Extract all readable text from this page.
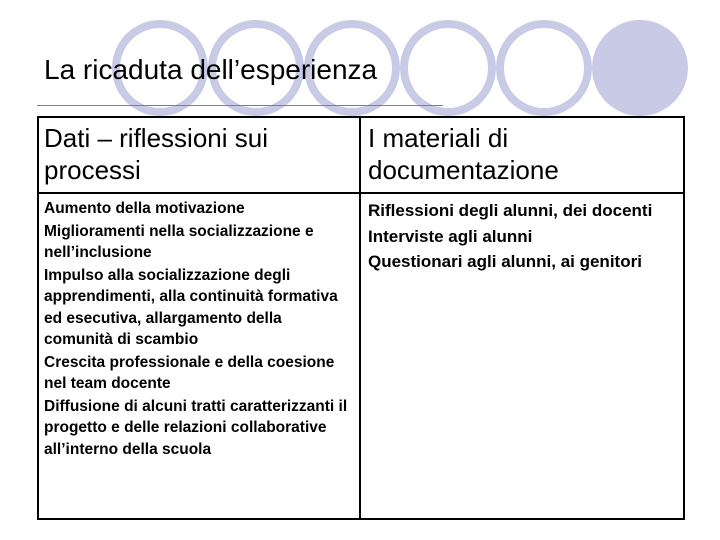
La ricaduta dell’esperienza
Dati – riflessioni sui processi
I materiali di documentazione

Aumento della motivazione

Miglioramenti nella socializzazione e nell’inclusione

Impulso alla socializzazione degli apprendimenti, alla continuità formativa ed esecutiva, allargamento della comunità di scambio

Crescita professionale e della coesione nel team docente

Diffusione di alcuni tratti caratterizzanti il progetto e delle relazioni collaborative all’interno della scuola

Riflessioni degli alunni, dei docenti

Interviste agli alunni

Questionari agli alunni, ai genitori
